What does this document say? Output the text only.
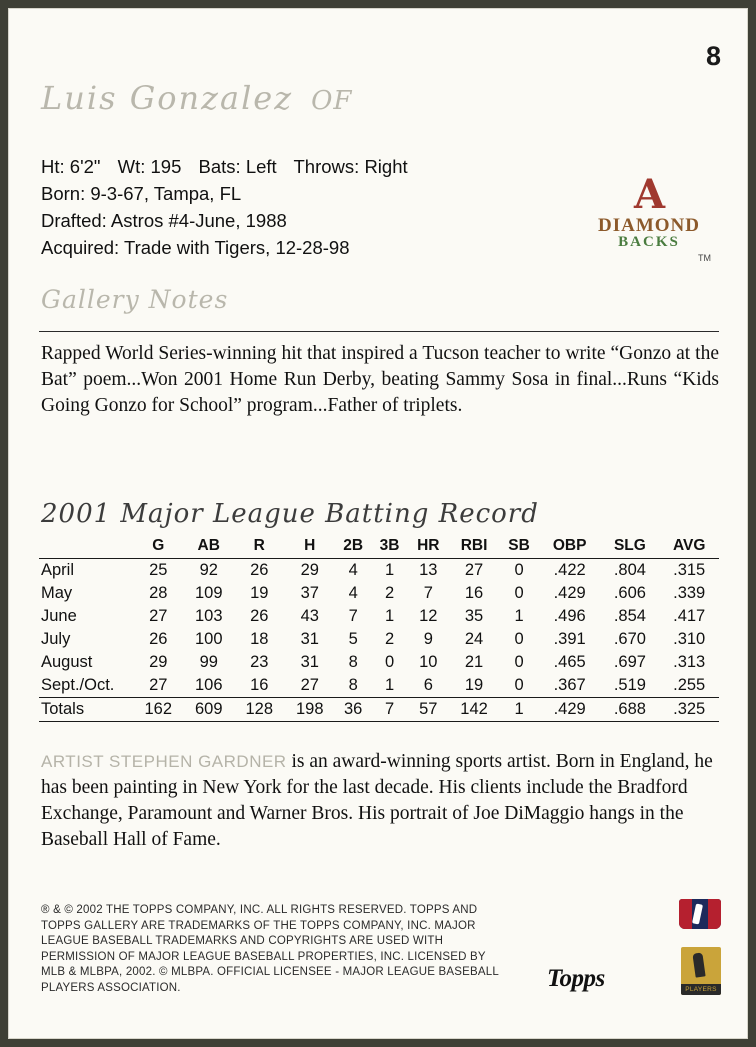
8
Luis Gonzalez OF
Ht: 6'2" Wt: 195 Bats: Left Throws: Right
Born: 9-3-67, Tampa, FL
Drafted: Astros #4-June, 1988
Acquired: Trade with Tigers, 12-28-98
A
DIAMOND
BACKS
TM
Gallery Notes
Rapped World Series-winning hit that inspired a Tucson teacher to write “Gonzo at the Bat” poem...Won 2001 Home Run Derby, beating Sammy Sosa in final...Runs “Kids Going Gonzo for School” program...Father of triplets.
2001 Major League Batting Record
	G	AB	R	H	2B	3B	HR	RBI	SB	OBP	SLG	AVG
April	25	92	26	29	4	1	13	27	0	.422	.804	.315
May	28	109	19	37	4	2	7	16	0	.429	.606	.339
June	27	103	26	43	7	1	12	35	1	.496	.854	.417
July	26	100	18	31	5	2	9	24	0	.391	.670	.310
August	29	99	23	31	8	0	10	21	0	.465	.697	.313
Sept./Oct.	27	106	16	27	8	1	6	19	0	.367	.519	.255
Totals	162	609	128	198	36	7	57	142	1	.429	.688	.325
ARTIST STEPHEN GARDNER is an award-winning sports artist. Born in England, he has been painting in New York for the last decade. His clients include the Bradford Exchange, Paramount and Warner Bros. His portrait of Joe DiMaggio hangs in the Baseball Hall of Fame.
® & © 2002 THE TOPPS COMPANY, INC. ALL RIGHTS RESERVED. TOPPS AND TOPPS GALLERY ARE TRADEMARKS OF THE TOPPS COMPANY, INC. MAJOR LEAGUE BASEBALL TRADEMARKS AND COPYRIGHTS ARE USED WITH PERMISSION OF MAJOR LEAGUE BASEBALL PROPERTIES, INC. LICENSED BY MLB & MLBPA, 2002. © MLBPA. OFFICIAL LICENSEE - MAJOR LEAGUE BASEBALL PLAYERS ASSOCIATION.	Topps	PLAYERS
